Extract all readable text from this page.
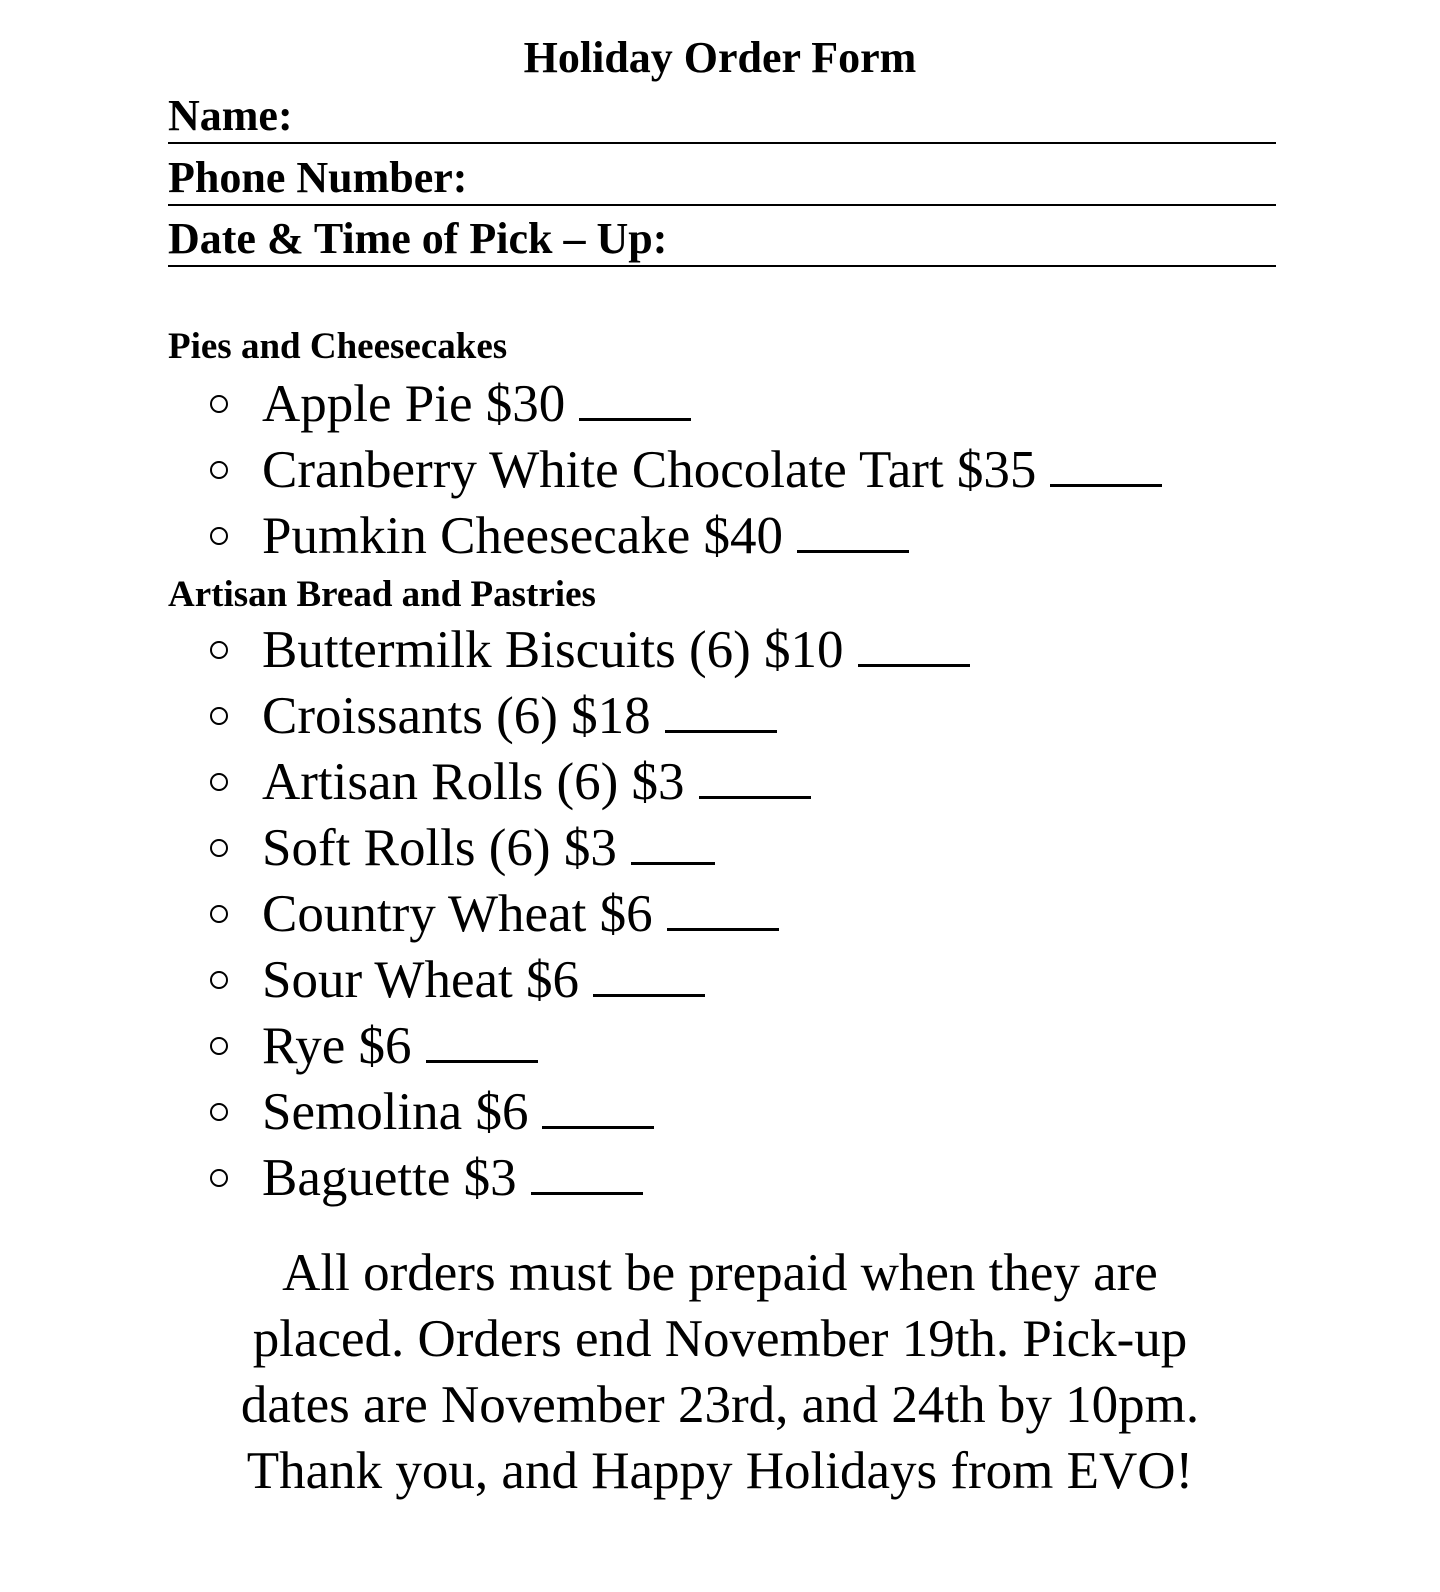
Holiday Order Form
Name:
Phone Number:
Date & Time of Pick – Up:
Pies and Cheesecakes
Apple Pie $30
Cranberry White Chocolate Tart $35
Pumkin Cheesecake $40
Artisan Bread and Pastries
Buttermilk Biscuits (6) $10
Croissants (6) $18
Artisan Rolls (6) $3
Soft Rolls (6) $3
Country Wheat $6
Sour Wheat $6
Rye $6
Semolina $6
Baguette $3
All orders must be prepaid when they are
placed. Orders end November 19th. Pick-up
dates are November 23rd, and 24th by 10pm.
Thank you, and Happy Holidays from EVO!
